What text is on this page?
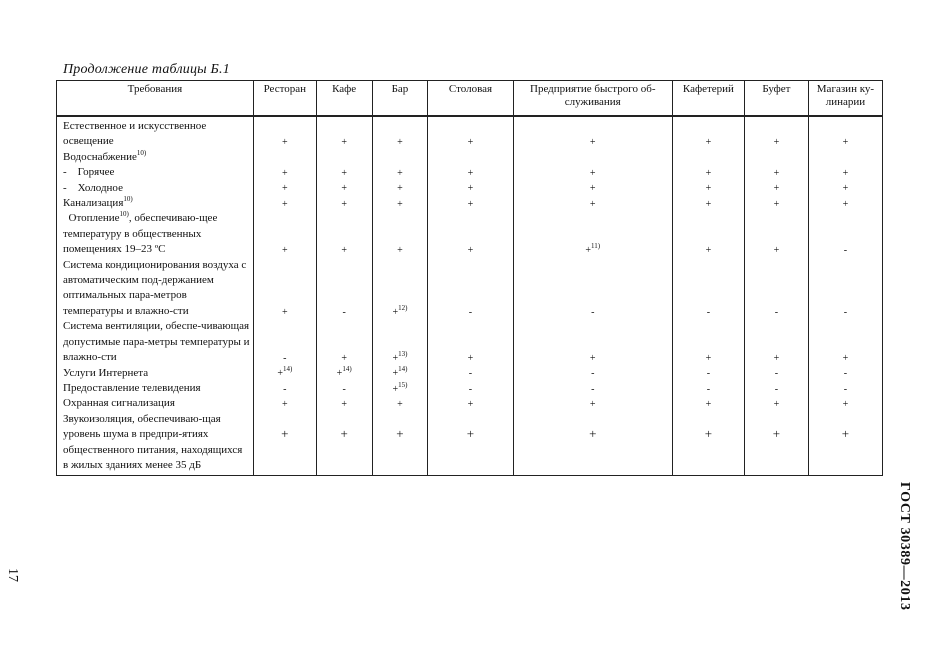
Продолжение таблицы Б.1
Требования	Ресторан	Кафе	Бар	Столовая	Предприятие быстрого об-служивания	Кафетерий	Буфет	Магазин ку-линарии

Естественное и искусственное освещение	+	+	+	+	+	+	+	+
Водоснабжение$^{10)}$								
- Горячее	+	+	+	+	+	+	+	+
- Холодное	+	+	+	+	+	+	+	+
Канализация$^{10)}$	+	+	+	+	+	+	+	+
Отопление$^{10)}$, обеспечиваю-щее температуру в общественных помещениях 19–23 ºС	+	+	+	+	+$^{11)}$	+	+	-
Система кондиционирования воздуха с автоматическим под-держанием оптимальных пара-метров температуры и влажно-сти	+	-	+$^{12)}$	-	-	-	-	-
Система вентиляции, обеспе-чивающая допустимые пара-метры температуры и влажно-сти	-	+	+$^{13)}$	+	+	+	+	+
Услуги Интернета	+$^{14)}$	+$^{14)}$	+$^{14)}$	-	-	-	-	-
Предоставление телевидения	-	-	+$^{15)}$	-	-	-	-	-
Охранная сигнализация	+	+	+	+	+	+	+	+
Звукоизоляция, обеспечиваю-щая уровень шума в предпри-ятиях общественного питания, находящихся в жилых зданиях менее 35 дБ	+	+	+	+	+	+	+	+
17	ГОСТ 30389—2013
